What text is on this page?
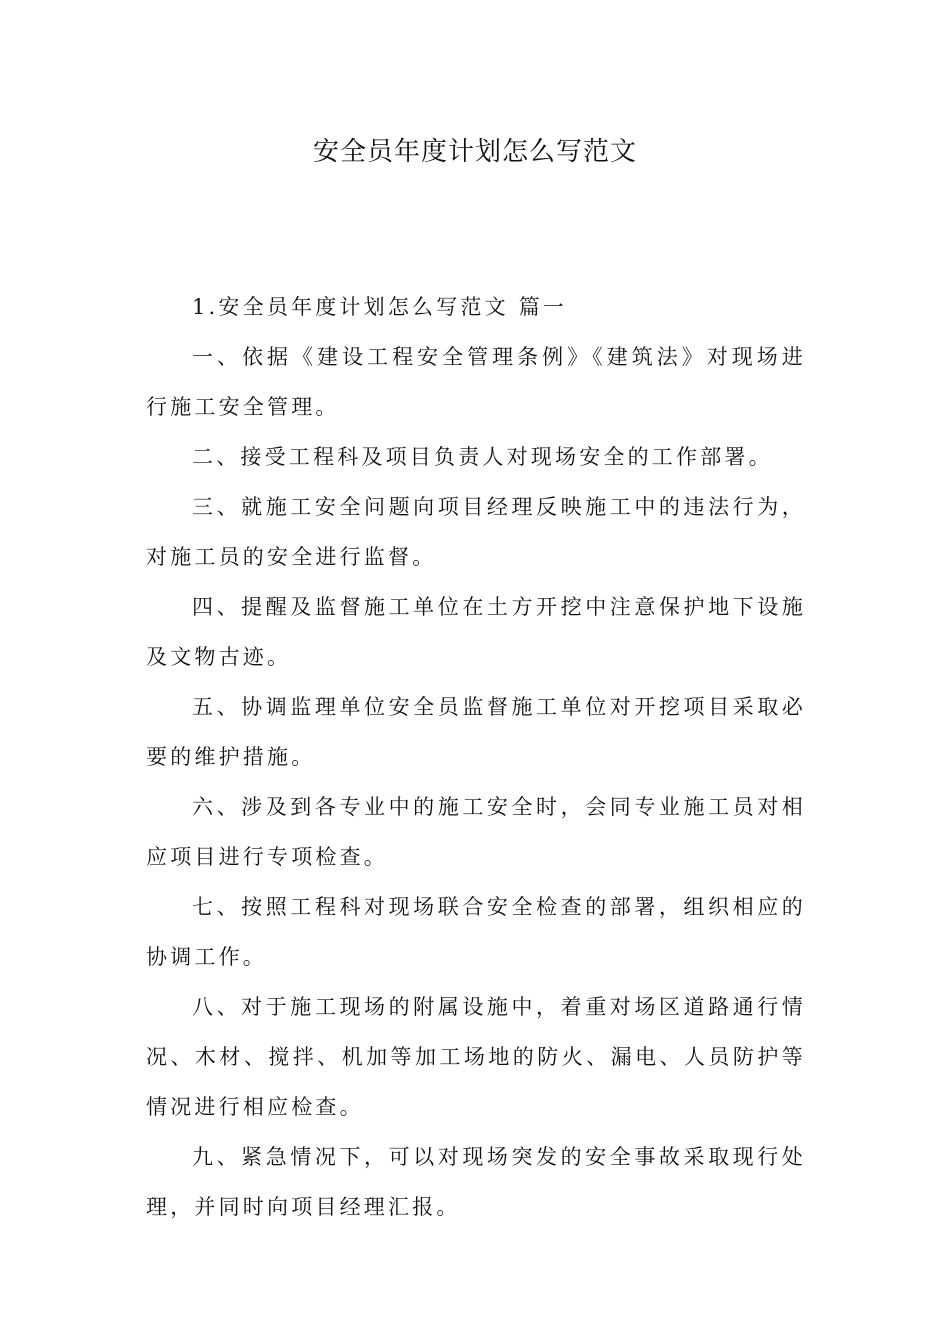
安全员年度计划怎么写范文

1.安全员年度计划怎么写范文 篇一

一、依据《建设工程安全管理条例》《建筑法》对现场进行施工安全管理。

二、接受工程科及项目负责人对现场安全的工作部署。

三、就施工安全问题向项目经理反映施工中的违法行为，对施工员的安全进行监督。

四、提醒及监督施工单位在土方开挖中注意保护地下设施及文物古迹。

五、协调监理单位安全员监督施工单位对开挖项目采取必要的维护措施。

六、涉及到各专业中的施工安全时，会同专业施工员对相应项目进行专项检查。

七、按照工程科对现场联合安全检查的部署，组织相应的协调工作。

八、对于施工现场的附属设施中，着重对场区道路通行情况、木材、搅拌、机加等加工场地的防火、漏电、人员防护等情况进行相应检查。

九、紧急情况下，可以对现场突发的安全事故采取现行处理，并同时向项目经理汇报。
